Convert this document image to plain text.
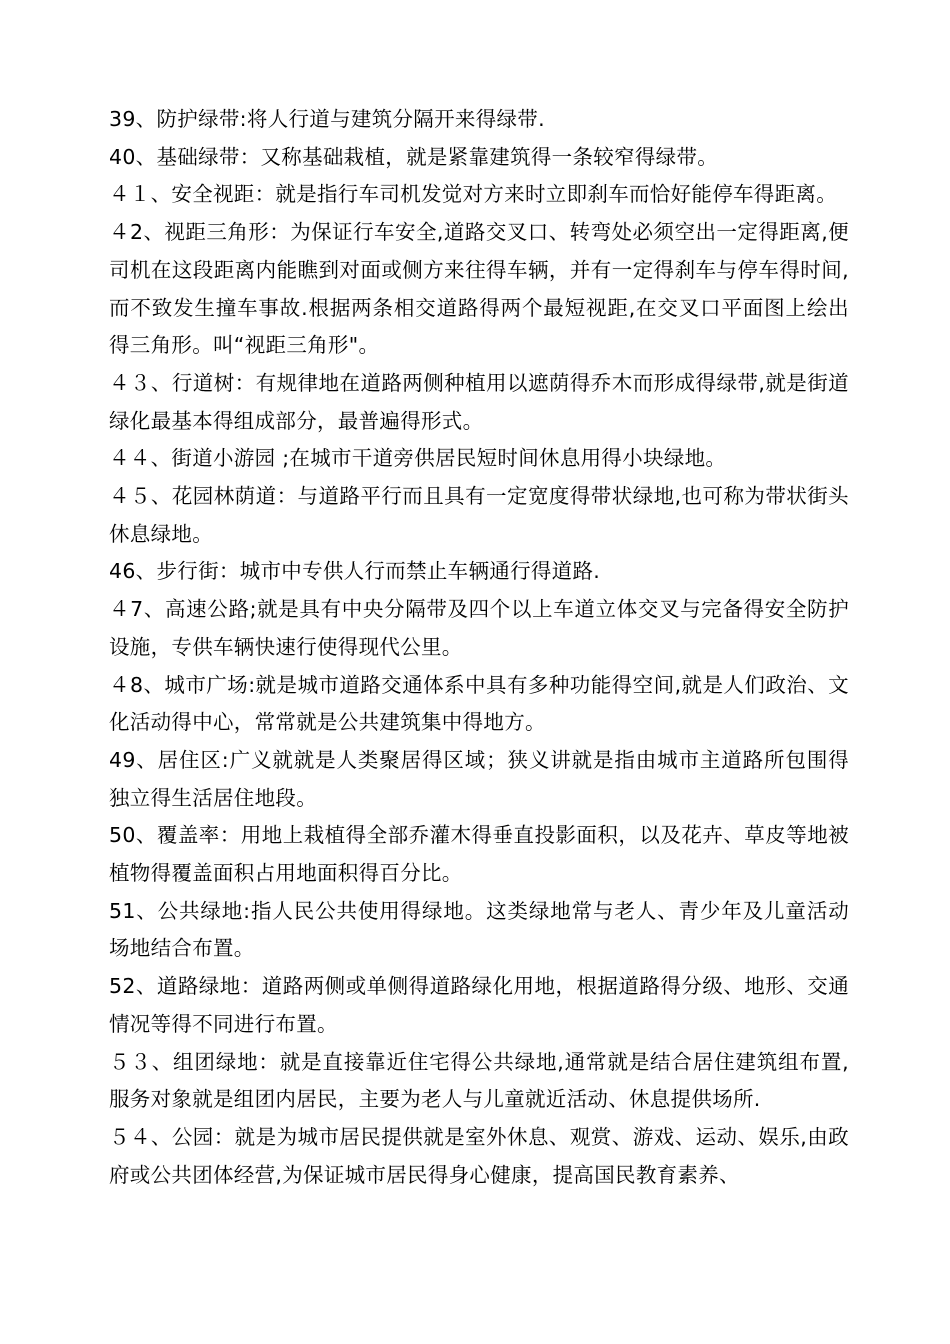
39、防护绿带:将人行道与建筑分隔开来得绿带.

40、基础绿带：又称基础栽植，就是紧靠建筑得一条较窄得绿带。

４１、安全视距：就是指行车司机发觉对方来时立即刹车而恰好能停车得距离。

４2、视距三角形：为保证行车安全,道路交叉口、转弯处必须空出一定得距离,便司机在这段距离内能瞧到对面或侧方来往得车辆，并有一定得刹车与停车得时间,而不致发生撞车事故.根据两条相交道路得两个最短视距,在交叉口平面图上绘出得三角形。叫“视距三角形"。

４３、行道树：有规律地在道路两侧种植用以遮荫得乔木而形成得绿带,就是街道绿化最基本得组成部分，最普遍得形式。

４４、街道小游园 ;在城市干道旁供居民短时间休息用得小块绿地。

４５、花园林荫道：与道路平行而且具有一定宽度得带状绿地,也可称为带状街头休息绿地。

46、步行街：城市中专供人行而禁止车辆通行得道路.

４7、高速公路;就是具有中央分隔带及四个以上车道立体交叉与完备得安全防护设施，专供车辆快速行使得现代公里。

４8、城市广场:就是城市道路交通体系中具有多种功能得空间,就是人们政治、文化活动得中心，常常就是公共建筑集中得地方。

49、居住区:广义就就是人类聚居得区域；狭义讲就是指由城市主道路所包围得独立得生活居住地段。

50、覆盖率：用地上栽植得全部乔灌木得垂直投影面积，以及花卉、草皮等地被植物得覆盖面积占用地面积得百分比。

51、公共绿地:指人民公共使用得绿地。这类绿地常与老人、青少年及儿童活动场地结合布置。

52、道路绿地：道路两侧或单侧得道路绿化用地，根据道路得分级、地形、交通情况等得不同进行布置。

５３、组团绿地：就是直接靠近住宅得公共绿地,通常就是结合居住建筑组布置,服务对象就是组团内居民，主要为老人与儿童就近活动、休息提供场所.

５４、公园：就是为城市居民提供就是室外休息、观赏、游戏、运动、娱乐,由政府或公共团体经营,为保证城市居民得身心健康，提高国民教育素养、
